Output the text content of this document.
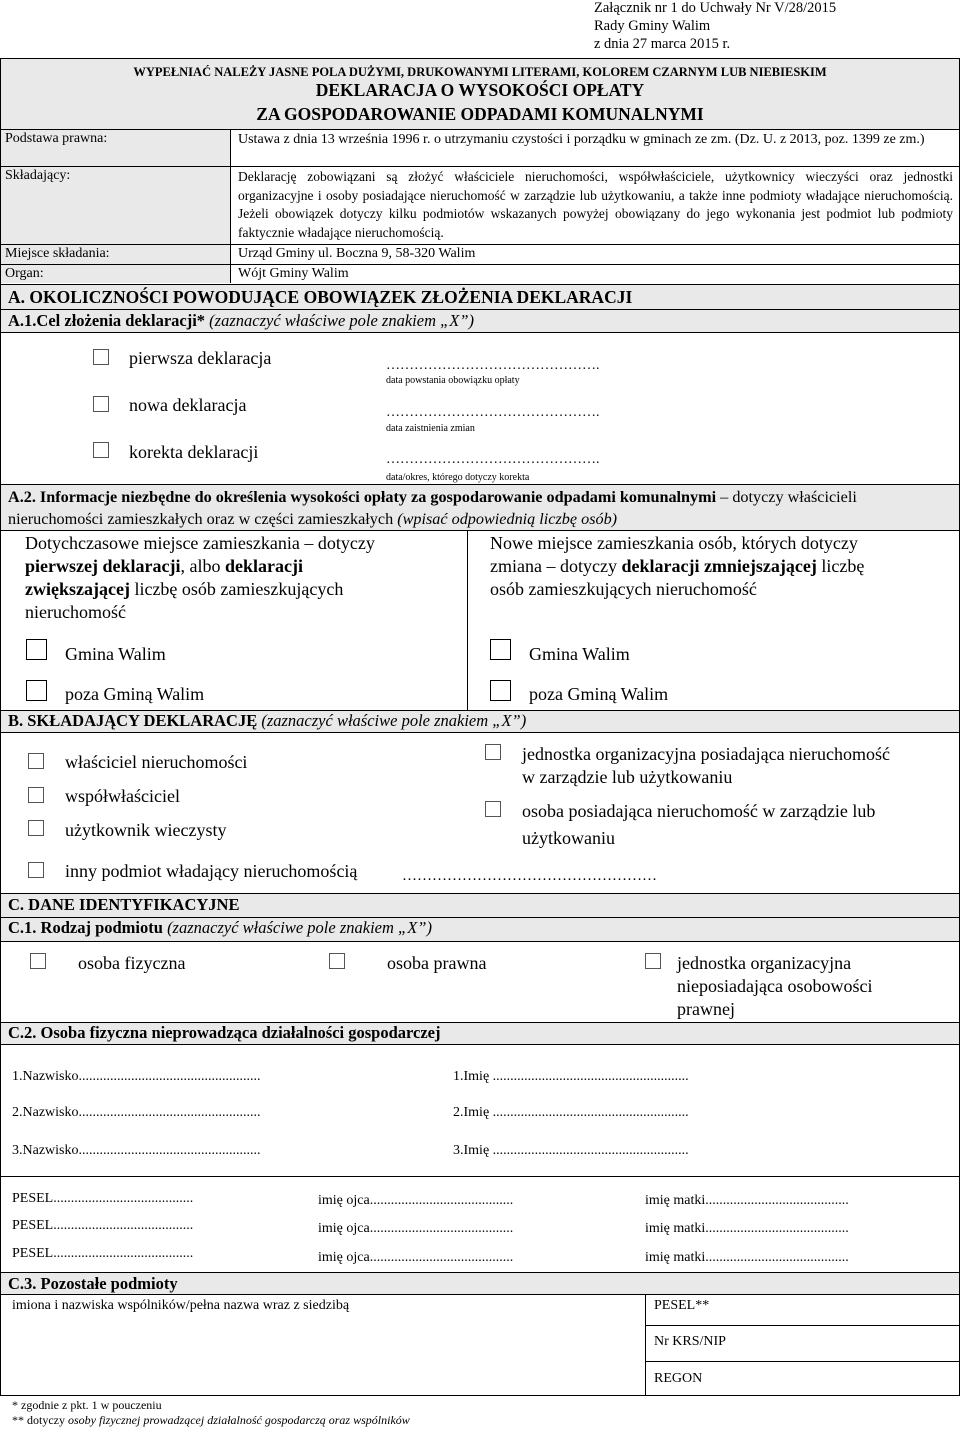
Załącznik nr 1 do Uchwały Nr V/28/2015
Rady Gminy Walim
z dnia 27 marca 2015 r.
WYPEŁNIAĆ NALEŻY JASNE POLA DUŻYMI, DRUKOWANYMI LITERAMI, KOLOREM CZARNYM LUB NIEBIESKIM
DEKLARACJA O WYSOKOŚCI OPŁATY
ZA GOSPODAROWANIE ODPADAMI KOMUNALNYMI
Podstawa prawna:	Ustawa z dnia 13 września 1996 r. o utrzymaniu czystości i porządku w gminach ze zm. (Dz. U. z 2013, poz. 1399 ze zm.)
Składający:	Deklarację zobowiązani są złożyć właściciele nieruchomości, współwłaściciele, użytkownicy wieczyści oraz jednostki organizacyjne i osoby posiadające nieruchomość w zarządzie lub użytkowaniu, a także inne podmioty władające nieruchomością. Jeżeli obowiązek dotyczy kilku podmiotów wskazanych powyżej obowiązany do jego wykonania jest podmiot lub podmioty faktycznie władające nieruchomością.
Miejsce składania:	Urząd Gminy ul. Boczna 9, 58-320 Walim
Organ:	Wójt Gminy Walim
A. OKOLICZNOŚCI POWODUJĄCE OBOWIĄZEK ZŁOŻENIA DEKLARACJI
A.1.Cel złożenia deklaracji* (zaznaczyć właściwe pole znakiem „X”)
pierwsza deklaracja	……………………………………….
data powstania obowiązku opłaty
nowa deklaracja	……………………………………….
data zaistnienia zmian
korekta deklaracji	……………………………………….
data/okres, którego dotyczy korekta
A.2. Informacje niezbędne do określenia wysokości opłaty za gospodarowanie odpadami komunalnymi – dotyczy właścicieli nieruchomości zamieszkałych oraz w części zamieszkałych (wpisać odpowiednią liczbę osób)
Dotychczasowe miejsce zamieszkania – dotyczy
pierwszej deklaracji, albo deklaracji
zwiększającej liczbę osób zamieszkujących
nieruchomość
Gmina Walim
poza Gminą Walim
Nowe miejsce zamieszkania osób, których dotyczy
zmiana – dotyczy deklaracji zmniejszającej liczbę
osób zamieszkujących nieruchomość
Gmina Walim
poza Gminą Walim
B. SKŁADAJĄCY DEKLARACJĘ (zaznaczyć właściwe pole znakiem „X”)
właściciel nieruchomości
współwłaściciel
użytkownik wieczysty
jednostka organizacyjna posiadająca nieruchomość
w zarządzie lub użytkowaniu
osoba posiadająca nieruchomość w zarządzie lub
użytkowaniu
inny podmiot władający nieruchomością	……………………………………………
C. DANE IDENTYFIKACYJNE
C.1. Rodzaj podmiotu (zaznaczyć właściwe pole znakiem „X”)
osoba fizyczna	osoba prawna	jednostka organizacyjna
nieposiadająca osobowości
prawnej
C.2. Osoba fizyczna nieprowadząca działalności gospodarczej
1.Nazwisko....................................................	1.Imię ........................................................
2.Nazwisko....................................................	2.Imię ........................................................
3.Nazwisko....................................................	3.Imię ........................................................
PESEL........................................	imię ojca.........................................	imię matki.........................................
PESEL........................................	imię ojca.........................................	imię matki.........................................
PESEL........................................	imię ojca.........................................	imię matki.........................................
C.3. Pozostałe podmioty
imiona i nazwiska wspólników/pełna nazwa wraz z siedzibą	PESEL**
Nr KRS/NIP
REGON
* zgodnie z pkt. 1 w pouczeniu
** dotyczy osoby fizycznej prowadzącej działalność gospodarczą oraz wspólników
